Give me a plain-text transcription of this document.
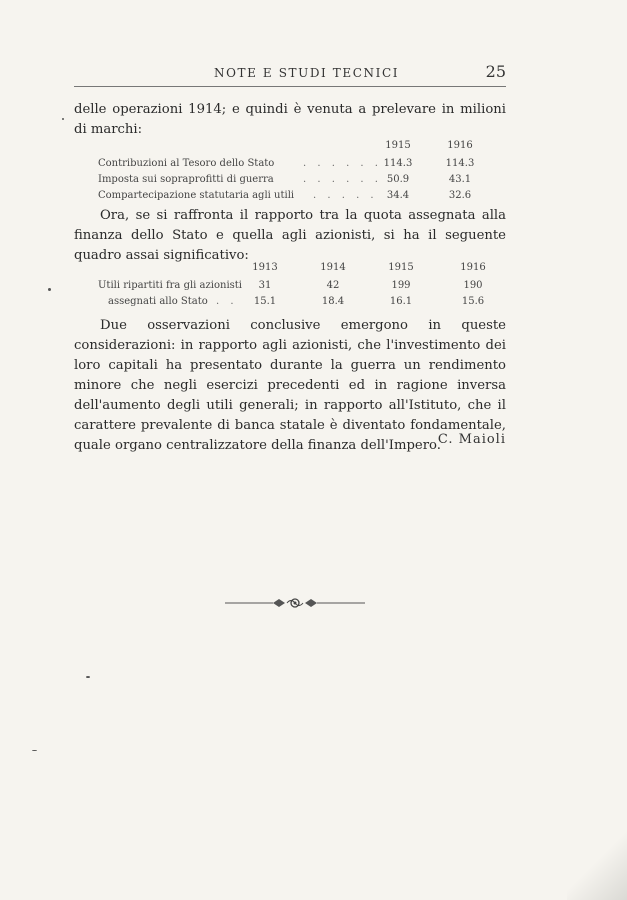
NOTE E STUDI TECNICI	25

delle operazioni 1914; e quindi è venuta a prelevare in milioni di marchi:

1915	1916
Contribuzioni al Tesoro dello Stato	. . . . . . 114.3	114.3
Imposta sui sopraprofitti di guerra	. . . . . . 50.9	43.1
Compartecipazione statutaria agli utili . . . . . 34.4	32.6

Ora, se si raffronta il rapporto tra la quota assegnata alla finanza dello Stato e quella agli azionisti, si ha il seguente quadro assai significativo:

1913	1914	1915	1916
Utili ripartiti fra gli azionisti	31	42	199	190
assegnati allo Stato . .	15.1	18.4	16.1	15.6

Due osservazioni conclusive emergono in queste considerazioni: in rapporto agli azionisti, che l'investimento dei loro capitali ha presentato durante la guerra un rendimento minore che negli esercizi precedenti ed in ragione inversa dell'aumento degli utili generali; in rapporto all'Istituto, che il carattere prevalente di banca statale è diventato fondamentale, quale organo centralizzatore della finanza dell'Impero.

C. Maioli
